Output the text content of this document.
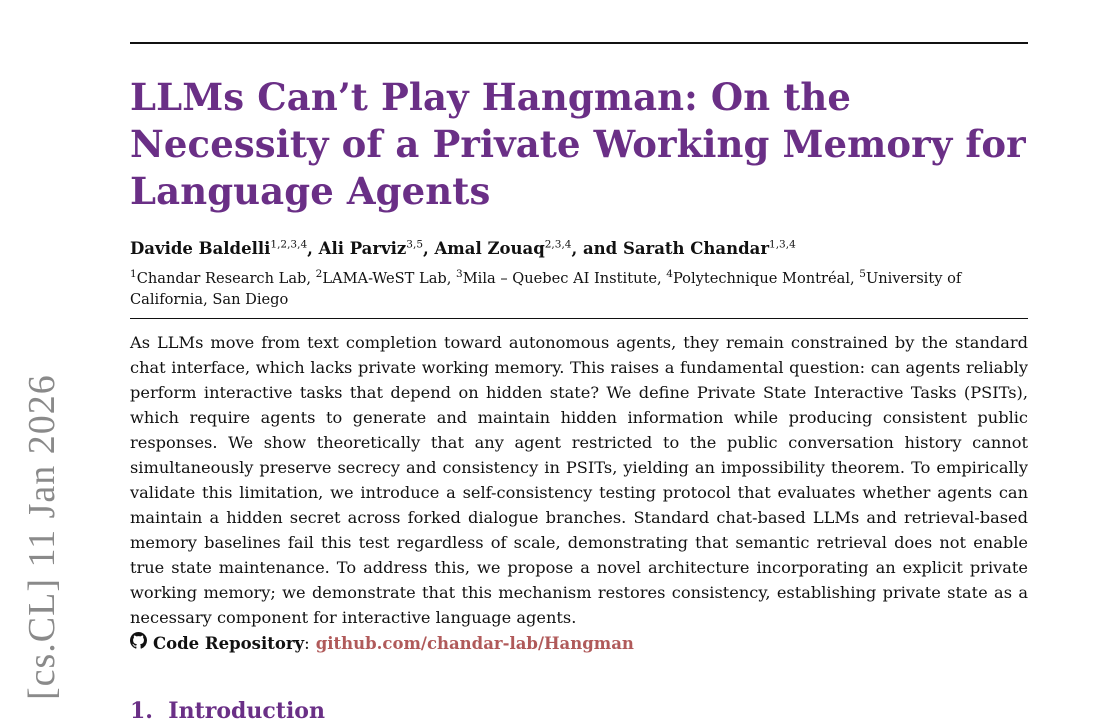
[cs.CL] 11 Jan 2026
LLMs Can’t Play Hangman: On the Necessity of a Private Working Memory for Language Agents
Davide Baldelli$^{1,2,3,4}$, Ali Parviz$^{3,5}$, Amal Zouaq$^{2,3,4}$, and Sarath Chandar$^{1,3,4}$
$^1$Chandar Research Lab, $^2$LAMA-WeST Lab, $^3$Mila – Quebec AI Institute, $^4$Polytechnique Montréal, $^5$University of California, San Diego

As LLMs move from text completion toward autonomous agents, they remain constrained by the standard chat interface, which lacks private working memory. This raises a fundamental question: can agents reliably perform interactive tasks that depend on hidden state? We define Private State Interactive Tasks (PSITs), which require agents to generate and maintain hidden information while producing consistent public responses. We show theoretically that any agent restricted to the public conversation history cannot simultaneously preserve secrecy and consistency in PSITs, yielding an impossibility theorem. To empirically validate this limitation, we introduce a self-consistency testing protocol that evaluates whether agents can maintain a hidden secret across forked dialogue branches. Standard chat-based LLMs and retrieval-based memory baselines fail this test regardless of scale, demonstrating that semantic retrieval does not enable true state maintenance. To address this, we propose a novel architecture incorporating an explicit private working memory; we demonstrate that this mechanism restores consistency, establishing private state as a necessary component for interactive language agents.

Code Repository: github.com/chandar-lab/Hangman
1. Introduction
